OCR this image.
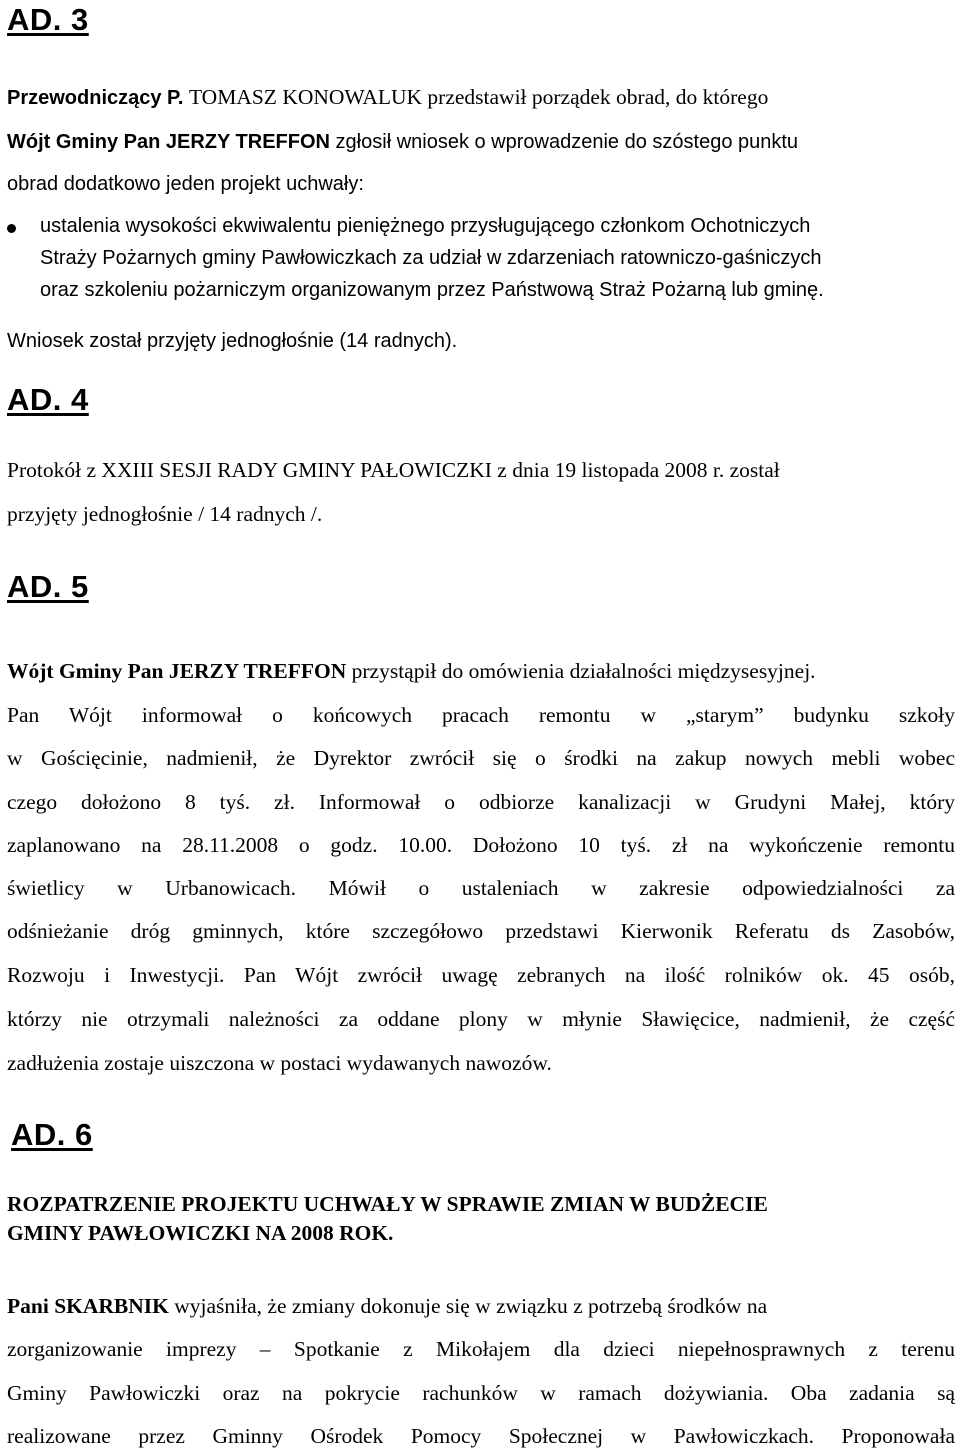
AD. 3
Przewodniczący P. TOMASZ KONOWALUK przedstawił porządek obrad, do którego
Wójt Gminy Pan JERZY TREFFON zgłosił wniosek o wprowadzenie do szóstego punktu
obrad dodatkowo jeden projekt uchwały:
ustalenia wysokości ekwiwalentu pieniężnego przysługującego członkom Ochotniczych
Straży Pożarnych gminy Pawłowiczkach za udział w zdarzeniach ratowniczo-gaśniczych
oraz szkoleniu pożarniczym organizowanym przez Państwową Straż Pożarną lub gminę.
Wniosek został przyjęty jednogłośnie (14 radnych).
AD. 4
Protokół z XXIII SESJI RADY GMINY PAŁOWICZKI z dnia 19 listopada 2008 r. został
przyjęty jednogłośnie / 14 radnych /.
AD. 5
Wójt Gminy Pan JERZY TREFFON przystąpił do omówienia działalności międzysesyjnej.
Pan Wójt informował o końcowych pracach remontu w „starym” budynku szkoły
w Gościęcinie, nadmienił, że Dyrektor zwrócił się o środki na zakup nowych mebli wobec
czego dołożono 8 tyś. zł. Informował o odbiorze kanalizacji w Grudyni Małej, który
zaplanowano na 28.11.2008 o godz. 10.00. Dołożono 10 tyś. zł na wykończenie remontu
świetlicy w Urbanowicach. Mówił o ustaleniach w zakresie odpowiedzialności za
odśnieżanie dróg gminnych, które szczegółowo przedstawi Kierwonik Referatu ds Zasobów,
Rozwoju i Inwestycji. Pan Wójt zwrócił uwagę zebranych na ilość rolników ok. 45 osób,
którzy nie otrzymali należności za oddane plony w młynie Sławięcice, nadmienił, że część
zadłużenia zostaje uiszczona w postaci wydawanych nawozów.
AD. 6
ROZPATRZENIE PROJEKTU UCHWAŁY W SPRAWIE ZMIAN W BUDŻECIE
GMINY PAWŁOWICZKI NA 2008 ROK.
Pani SKARBNIK wyjaśniła, że zmiany dokonuje się w związku z potrzebą środków na
zorganizowanie imprezy – Spotkanie z Mikołajem dla dzieci niepełnosprawnych z terenu
Gminy Pawłowiczki oraz na pokrycie rachunków w ramach dożywiania. Oba zadania są
realizowane przez Gminny Ośrodek Pomocy Społecznej w Pawłowiczkach. Proponowała
